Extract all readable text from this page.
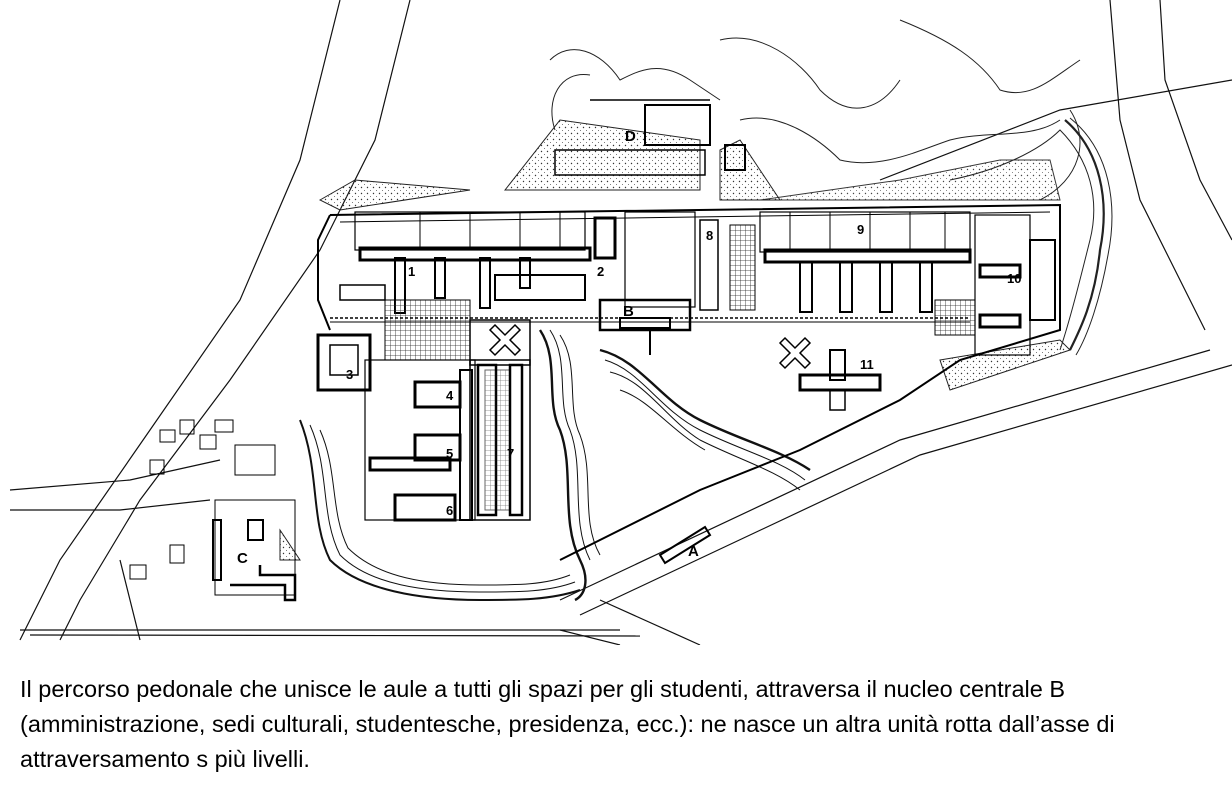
1	2
3
4
5
6
7
8	9
10
11
A
B
C
D

Il percorso pedonale che unisce le aule a tutti gli spazi per gli studenti, attraversa il nucleo centrale B (amministrazione, sedi culturali, studentesche, presidenza, ecc.): ne nasce un altra unità rotta dall’asse di attraversamento s più livelli.
